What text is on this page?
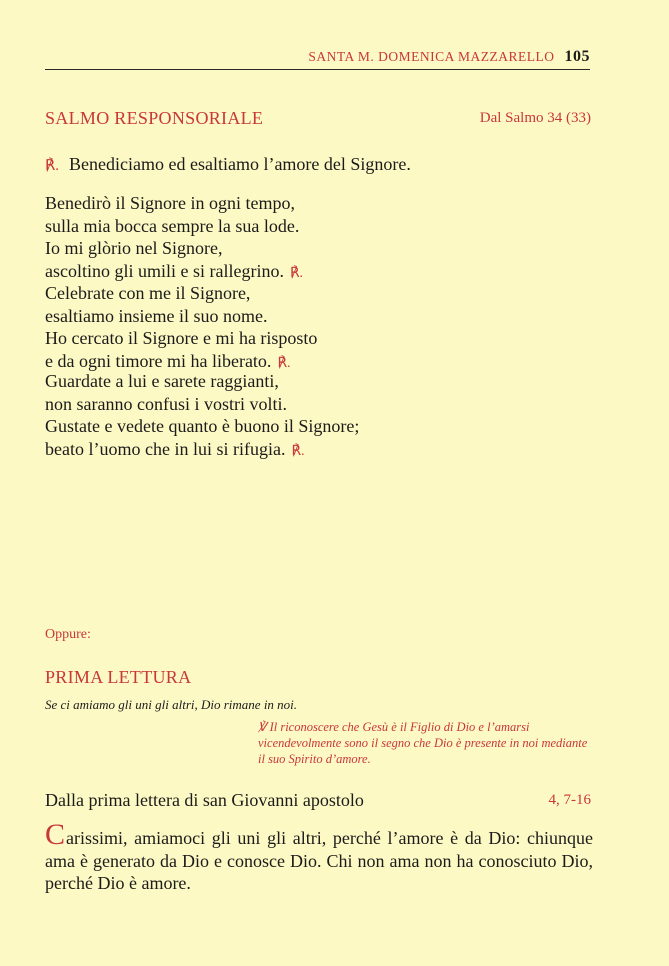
SANTA M. DOMENICA MAZZARELLO 105
SALMO RESPONSORIALE	Dal Salmo 34 (33)
℟. Benediciamo ed esaltiamo l’amore del Signore.
Benedirò il Signore in ogni tempo,
sulla mia bocca sempre la sua lode.
Io mi glòrio nel Signore,
ascoltino gli umili e si rallegrino. ℟.
Celebrate con me il Signore,
esaltiamo insieme il suo nome.
Ho cercato il Signore e mi ha risposto
e da ogni timore mi ha liberato. ℟.
Guardate a lui e sarete raggianti,
non saranno confusi i vostri volti.
Gustate e vedete quanto è buono il Signore;
beato l’uomo che in lui si rifugia. ℟.
Oppure:
PRIMA LETTURA
Se ci amiamo gli uni gli altri, Dio rimane in noi.
℣ Il riconoscere che Gesù è il Figlio di Dio e l’amarsi vicendevolmente sono il segno che Dio è presente in noi mediante il suo Spirito d’amore.
Dalla prima lettera di san Giovanni apostolo	4, 7-16
Carissimi, amiamoci gli uni gli altri, perché l’amore è da Dio: chiunque ama è generato da Dio e conosce Dio. Chi non ama non ha conosciuto Dio, perché Dio è amore.
